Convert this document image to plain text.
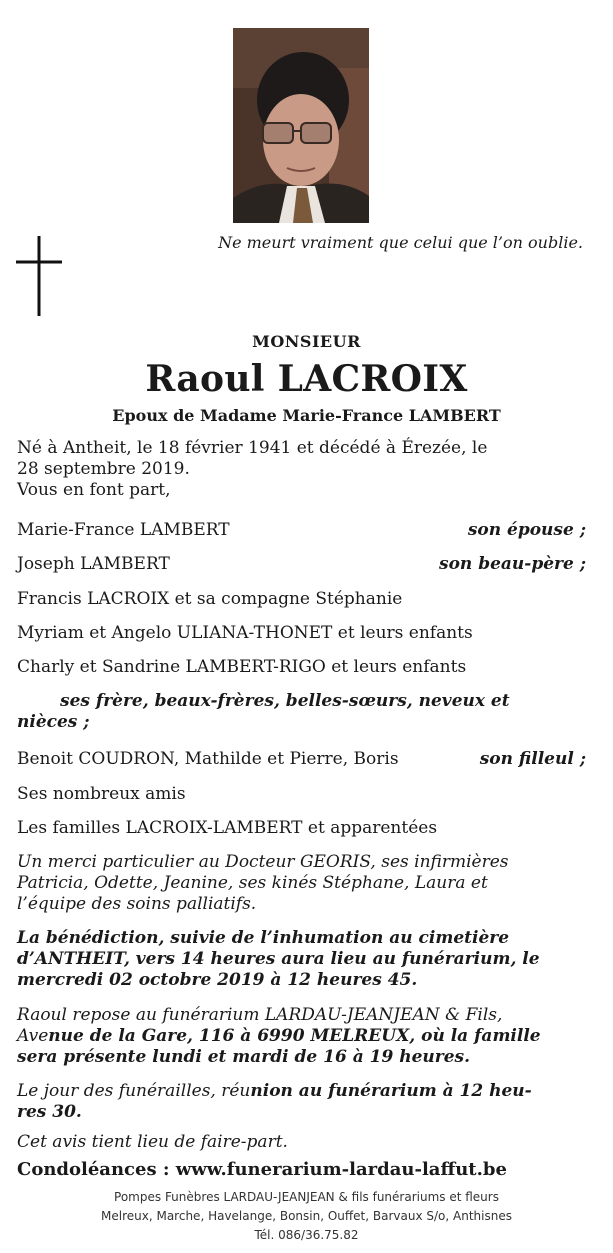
Ne meurt vraiment que celui que l’on oublie.
MONSIEUR
Raoul LACROIX
Epoux de Madame Marie-France LAMBERT
Né à Antheit, le 18 février 1941 et décédé à Érezée, le
28 septembre 2019.
Vous en font part,
Marie-France LAMBERT	son épouse ;
Joseph LAMBERT	son beau-père ;
Francis LACROIX et sa compagne Stéphanie
Myriam et Angelo ULIANA-THONET et leurs enfants
Charly et Sandrine LAMBERT-RIGO et leurs enfants
ses frère, beaux-frères, belles-sœurs, neveux et
nièces ;
Benoit COUDRON, Mathilde et Pierre, Boris	son filleul ;
Ses nombreux amis
Les familles LACROIX-LAMBERT et apparentées
Un merci particulier au Docteur GEORIS, ses infirmières
Patricia, Odette, Jeanine, ses kinés Stéphane, Laura et
l’équipe des soins palliatifs.
La bénédiction, suivie de l’inhumation au cimetière
d’ANTHEIT, vers 14 heures aura lieu au funérarium, le
mercredi 02 octobre 2019 à 12 heures 45.
Raoul repose au funérarium LARDAU-JEANJEAN & Fils,
Avenue de la Gare, 116 à 6990 MELREUX, où la famille
sera présente lundi et mardi de 16 à 19 heures.
Le jour des funérailles, réunion au funérarium à 12 heu-
res 30.
Cet avis tient lieu de faire-part.
Condoléances : www.funerarium-lardau-laffut.be
Pompes Funèbres LARDAU-JEANJEAN & fils funérariums et fleurs
Melreux, Marche, Havelange, Bonsin, Ouffet, Barvaux S/o, Anthisnes
Tél. 086/36.75.82
